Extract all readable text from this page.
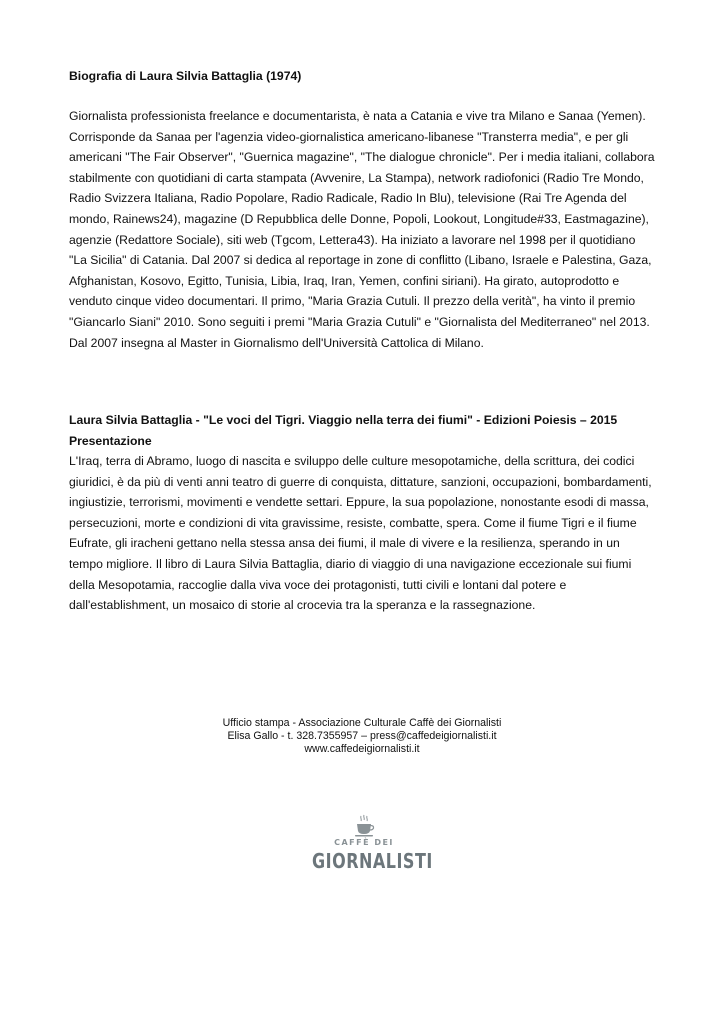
Biografia di Laura Silvia Battaglia (1974)
Giornalista professionista freelance e documentarista, è nata a Catania e vive tra Milano e Sanaa (Yemen).
Corrisponde da Sanaa per l'agenzia video-giornalistica americano-libanese "Transterra media", e per gli
americani "The Fair Observer", "Guernica magazine", "The dialogue chronicle". Per i media italiani, collabora
stabilmente con quotidiani di carta stampata (Avvenire, La Stampa), network radiofonici (Radio Tre Mondo,
Radio Svizzera Italiana, Radio Popolare, Radio Radicale, Radio In Blu), televisione (Rai Tre Agenda del
mondo, Rainews24), magazine (D Repubblica delle Donne, Popoli, Lookout, Longitude#33, Eastmagazine),
agenzie (Redattore Sociale), siti web (Tgcom, Lettera43). Ha iniziato a lavorare nel 1998 per il quotidiano
"La Sicilia" di Catania. Dal 2007 si dedica al reportage in zone di conflitto (Libano, Israele e Palestina, Gaza,
Afghanistan, Kosovo, Egitto, Tunisia, Libia, Iraq, Iran, Yemen, confini siriani). Ha girato, autoprodotto e
venduto cinque video documentari. Il primo, "Maria Grazia Cutuli. Il prezzo della verità", ha vinto il premio
"Giancarlo Siani" 2010. Sono seguiti i premi "Maria Grazia Cutuli" e "Giornalista del Mediterraneo" nel 2013.
Dal 2007 insegna al Master in Giornalismo dell'Università Cattolica di Milano.
Laura Silvia Battaglia - "Le voci del Tigri. Viaggio nella terra dei fiumi" - Edizioni Poiesis – 2015
Presentazione
L'Iraq, terra di Abramo, luogo di nascita e sviluppo delle culture mesopotamiche, della scrittura, dei codici
giuridici, è da più di venti anni teatro di guerre di conquista, dittature, sanzioni, occupazioni, bombardamenti,
ingiustizie, terrorismi, movimenti e vendette settari. Eppure, la sua popolazione, nonostante esodi di massa,
persecuzioni, morte e condizioni di vita gravissime, resiste, combatte, spera. Come il fiume Tigri e il fiume
Eufrate, gli iracheni gettano nella stessa ansa dei fiumi, il male di vivere e la resilienza, sperando in un
tempo migliore. Il libro di Laura Silvia Battaglia, diario di viaggio di una navigazione eccezionale sui fiumi
della Mesopotamia, raccoglie dalla viva voce dei protagonisti, tutti civili e lontani dal potere e
dall'establishment, un mosaico di storie al crocevia tra la speranza e la rassegnazione.
Ufficio stampa - Associazione Culturale Caffè dei Giornalisti
Elisa Gallo - t. 328.7355957 – press@caffedeigiornalisti.it
www.caffedeigiornalisti.it
CAFFÈ DEI
GIORNALISTI
